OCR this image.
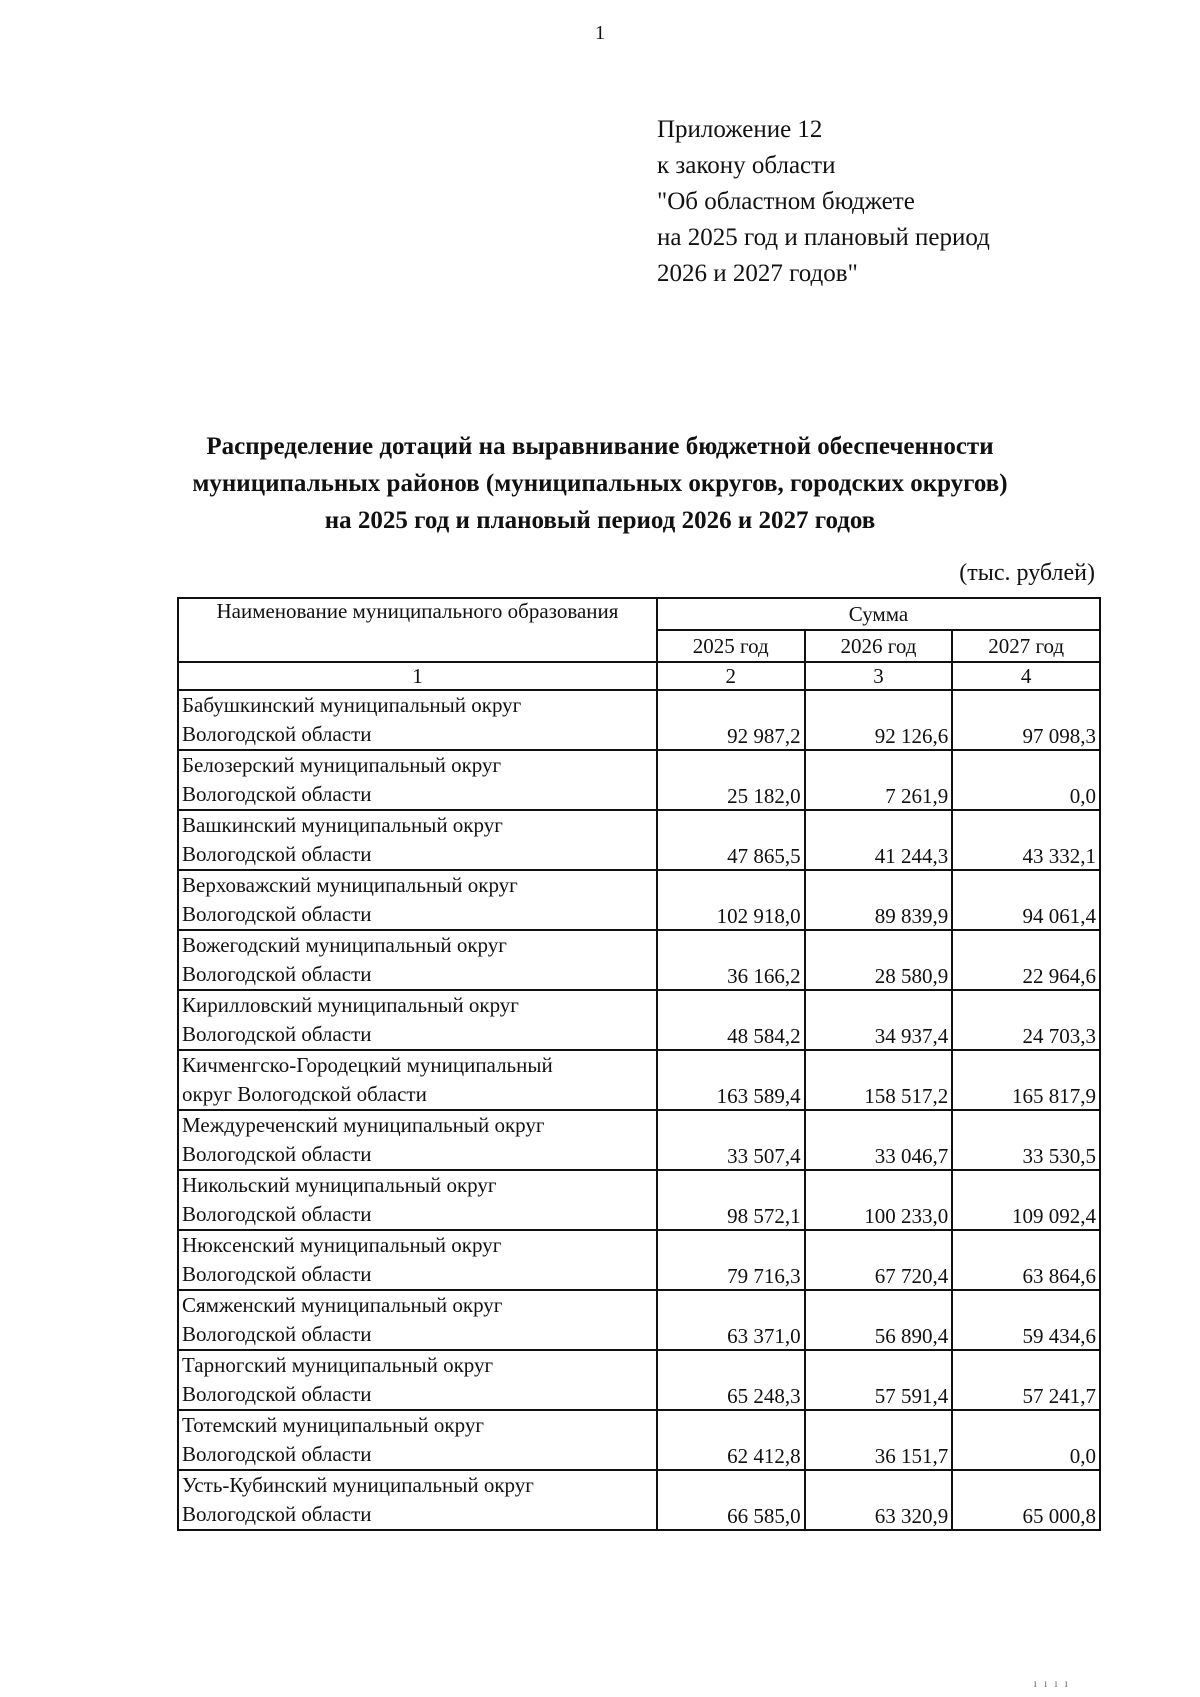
1
Приложение 12
к закону области
"Об областном бюджете
на 2025 год и плановый период
2026 и 2027 годов"
Распределение дотаций на выравнивание бюджетной обеспеченности
муниципальных районов (муниципальных округов, городских округов)
на 2025 год и плановый период 2026 и 2027 годов
(тыс. рублей)
Наименование муниципального образования	Сумма		
	2025 год	2026 год	2027 год
1	2	3	4

Бабушкинский муниципальный округ
Вологодской области	92 987,2	92 126,6	97 098,3

Белозерский муниципальный округ
Вологодской области	25 182,0	7 261,9	0,0

Вашкинский муниципальный округ
Вологодской области	47 865,5	41 244,3	43 332,1

Верховажский муниципальный округ
Вологодской области	102 918,0	89 839,9	94 061,4

Вожегодский муниципальный округ
Вологодской области	36 166,2	28 580,9	22 964,6

Кирилловский муниципальный округ
Вологодской области	48 584,2	34 937,4	24 703,3

Кичменгско-Городецкий муниципальный
округ Вологодской области	163 589,4	158 517,2	165 817,9

Междуреченский муниципальный округ
Вологодской области	33 507,4	33 046,7	33 530,5

Никольский муниципальный округ
Вологодской области	98 572,1	100 233,0	109 092,4

Нюксенский муниципальный округ
Вологодской области	79 716,3	67 720,4	63 864,6

Сямженский муниципальный округ
Вологодской области	63 371,0	56 890,4	59 434,6

Тарногский муниципальный округ
Вологодской области	65 248,3	57 591,4	57 241,7

Тотемский муниципальный округ
Вологодской области	62 412,8	36 151,7	0,0

Усть-Кубинский муниципальный округ
Вологодской области	66 585,0	63 320,9	65 000,8
ı ı ı ı
